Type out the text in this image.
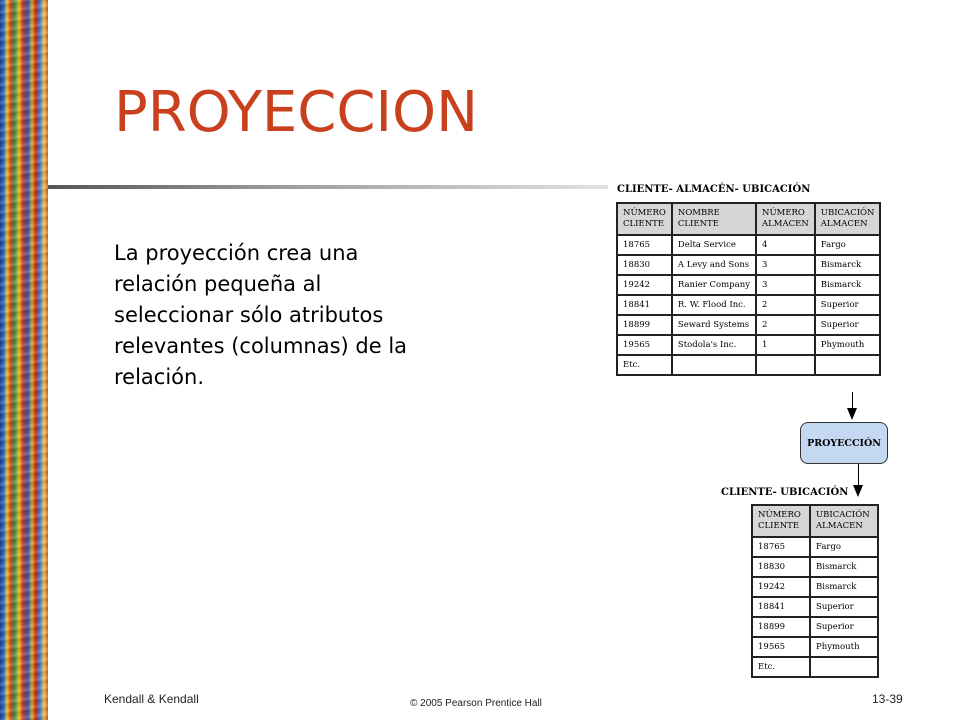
PROYECCION

La proyección crea una relación pequeña al seleccionar sólo atributos relevantes (columnas) de la relación.

CLIENTE- ALMACÉN- UBICACIÓN
NÚMERO CLIENTE	NOMBRE CLIENTE	NÚMERO ALMACEN	UBICACIÓN ALMACEN
18765	Delta Service	4	Fargo
18830	A Levy and Sons	3	Bismarck
19242	Ranier Company	3	Bismarck
18841	R. W. Flood Inc.	2	Superior
18899	Seward Systems	2	Superior
19565	Stodola's Inc.	1	Phymouth
Etc.			
PROYECCIÓN
CLIENTE- UBICACIÓN
NÚMERO CLIENTE	UBICACIÓN ALMACEN
18765	Fargo
18830	Bismarck
19242	Bismarck
18841	Superior
18899	Superior
19565	Phymouth
Etc.	
Kendall & Kendall	© 2005 Pearson Prentice Hall	13-39
